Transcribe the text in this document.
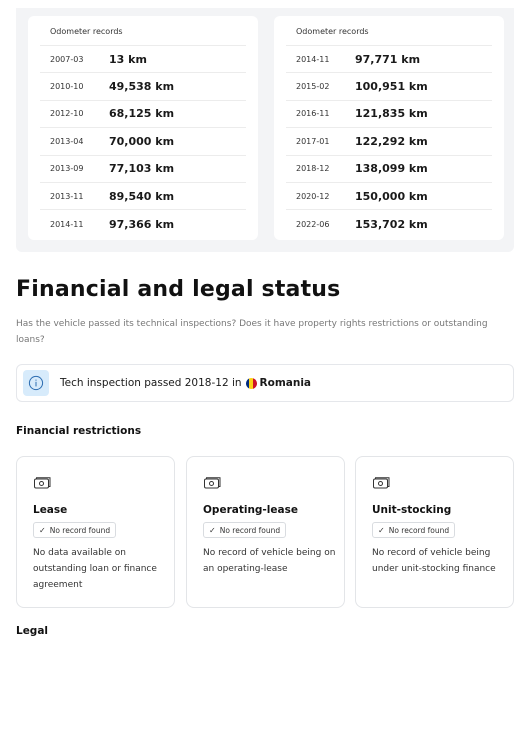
Odometer records
2007-03	13 km
2010-10	49,538 km
2012-10	68,125 km
2013-04	70,000 km
2013-09	77,103 km
2013-11	89,540 km
2014-11	97,366 km
Odometer records
2014-11	97,771 km
2015-02	100,951 km
2016-11	121,835 km
2017-01	122,292 km
2018-12	138,099 km
2020-12	150,000 km
2022-06	153,702 km
Financial and legal status

Has the vehicle passed its technical inspections? Does it have property rights restrictions or outstanding loans?

Tech inspection passed 2018-12 in Romania
Financial restrictions
Lease
✓ No record found
No data available on outstanding loan or finance agreement
Operating-lease
✓ No record found
No record of vehicle being on an operating-lease
Unit-stocking
✓ No record found
No record of vehicle being under unit-stocking finance
Legal
